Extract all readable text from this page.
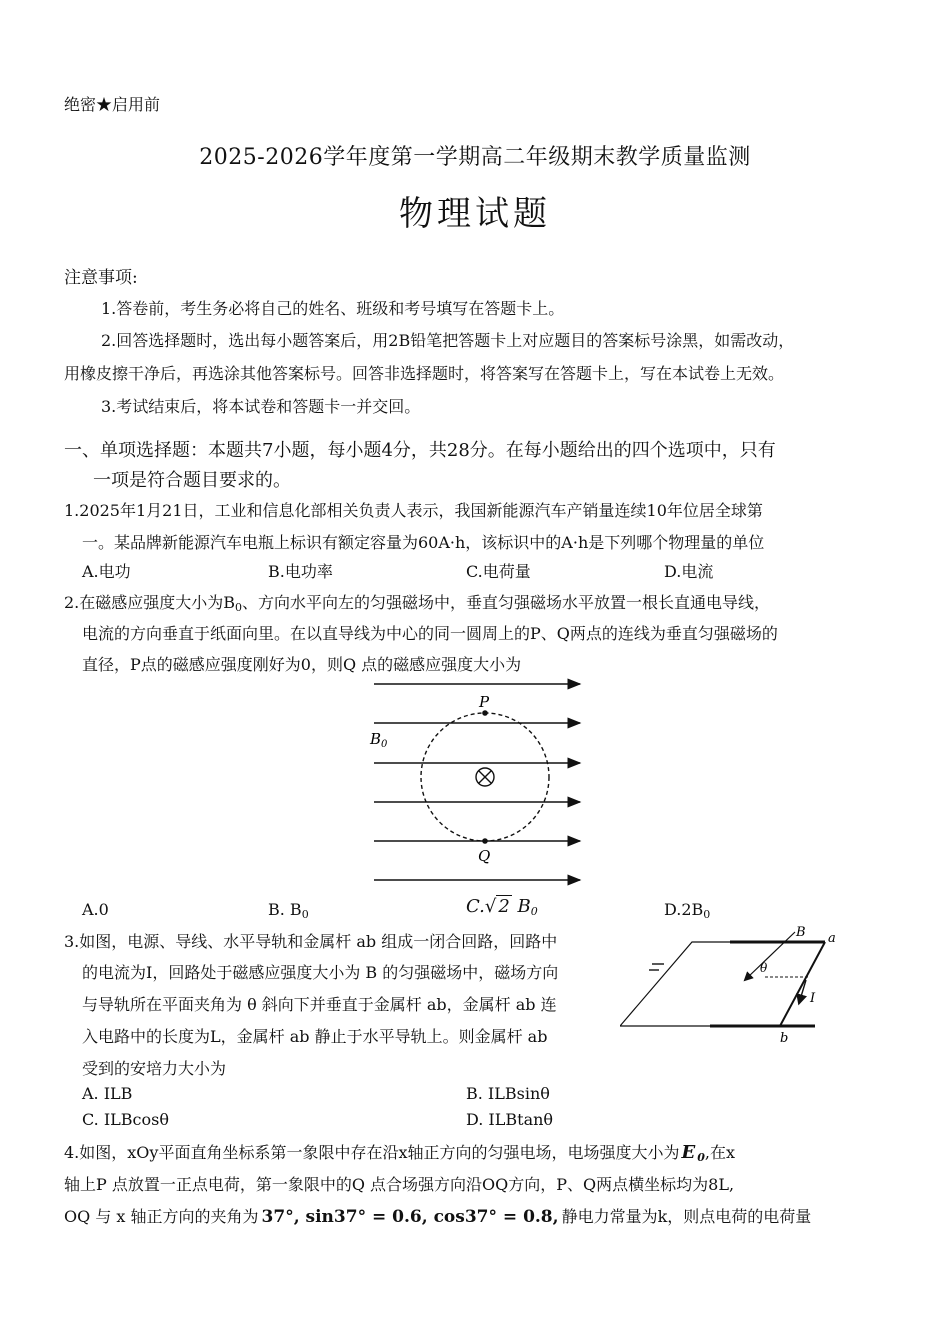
绝密★启用前
2025-2026学年度第一学期高二年级期末教学质量监测
物理试题
注意事项:
1.答卷前，考生务必将自己的姓名、班级和考号填写在答题卡上。
2.回答选择题时，选出每小题答案后，用2B铅笔把答题卡上对应题目的答案标号涂黑，如需改动，
用橡皮擦干净后，再选涂其他答案标号。回答非选择题时，将答案写在答题卡上，写在本试卷上无效。
3.考试结束后，将本试卷和答题卡一并交回。
一、单项选择题：本题共7小题，每小题4分，共28分。在每小题给出的四个选项中，只有
一项是符合题目要求的。
1.2025年1月21日，工业和信息化部相关负责人表示，我国新能源汽车产销量连续10年位居全球第
一。某品牌新能源汽车电瓶上标识有额定容量为60A·h，该标识中的A·h是下列哪个物理量的单位
A.电功	B.电功率	C.电荷量	D.电流
2.在磁感应强度大小为$B_0$、方向水平向左的匀强磁场中，垂直匀强磁场水平放置一根长直通电导线，
电流的方向垂直于纸面向里。在以直导线为中心的同一圆周上的P、Q两点的连线为垂直匀强磁场的
直径，P点的磁感应强度刚好为0，则Q 点的磁感应强度大小为
P
Q
$B_0$
A.0	B. $B_0$	C.√ 2 $B_0$	$D.2B_0$
3.如图，电源、导线、水平导轨和金属杆 ab 组成一闭合回路，回路中
的电流为I，回路处于磁感应强度大小为 B 的匀强磁场中，磁场方向
与导轨所在平面夹角为 θ 斜向下并垂直于金属杆 ab，金属杆 ab 连
入电路中的长度为L，金属杆 ab 静止于水平导轨上。则金属杆 ab
受到的安培力大小为
B a
b
θ
I
A. ILB	B. ILBsinθ
C. ILBcosθ	D. ILBtanθ
4.如图，xOy平面直角坐标系第一象限中存在沿x轴正方向的匀强电场，电场强度大小为 E $_0$,在x
轴上P 点放置一正点电荷，第一象限中的Q 点合场强方向沿OQ方向，P、Q两点横坐标均为8L,
OQ 与 x 轴正方向的夹角为 37°, sin37° = 0.6, cos37° = 0.8, 静电力常量为k，则点电荷的电荷量
